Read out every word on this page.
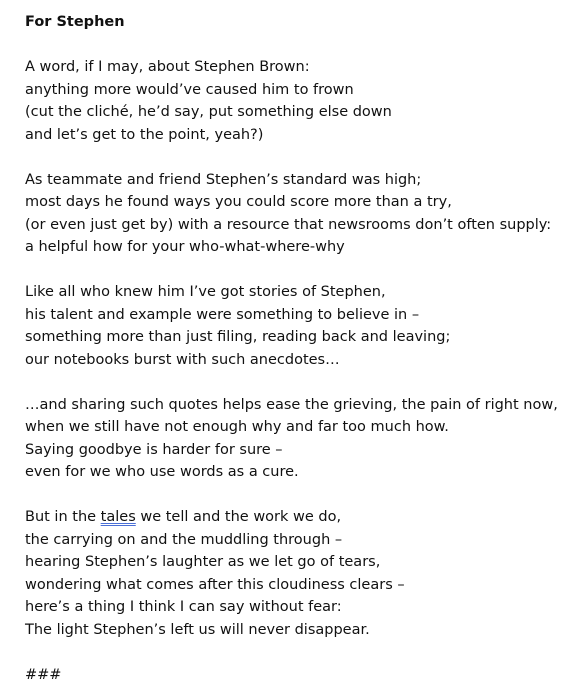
For Stephen
A word, if I may, about Stephen Brown:
anything more would’ve caused him to frown
(cut the cliché, he’d say, put something else down
and let’s get to the point, yeah?)
As teammate and friend Stephen’s standard was high;
most days he found ways you could score more than a try,
(or even just get by) with a resource that newsrooms don’t often supply:
a helpful how for your who-what-where-why
Like all who knew him I’ve got stories of Stephen,
his talent and example were something to believe in –
something more than just filing, reading back and leaving;
our notebooks burst with such anecdotes…
…and sharing such quotes helps ease the grieving, the pain of right now,
when we still have not enough why and far too much how.
Saying goodbye is harder for sure –
even for we who use words as a cure.
But in the tales we tell and the work we do,
the carrying on and the muddling through –
hearing Stephen’s laughter as we let go of tears,
wondering what comes after this cloudiness clears –
here’s a thing I think I can say without fear:
The light Stephen’s left us will never disappear.
###
